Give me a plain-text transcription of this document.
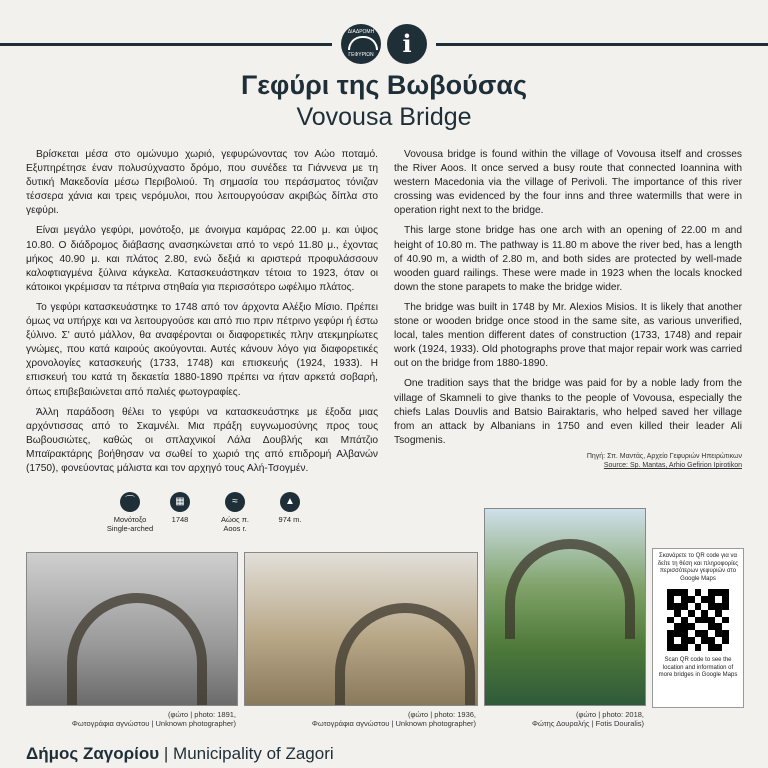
ΔΙΑΔΡΟΜΗ
ΓΕΦΥΡΙΩΝ	i
Γεφύρι της Βωβούσας
Vovousa Bridge

Βρίσκεται μέσα στο ομώνυμο χωριό, γεφυρώνοντας τον Αώο ποταμό. Εξυπηρέτησε έναν πολυσύχναστο δρόμο, που συνέδεε τα Γιάννενα με τη δυτική Μακεδονία μέσω Περιβολιού. Τη σημασία του περάσματος τόνιζαν τέσσερα χάνια και τρεις νερόμυλοι, που λειτουργούσαν ακριβώς δίπλα στο γεφύρι.

Είναι μεγάλο γεφύρι, μονότοξο, με άνοιγμα καμάρας 22.00 μ. και ύψος 10.80. Ο διάδρομος διάβασης ανασηκώνεται από το νερό 11.80 μ., έχοντας μήκος 40.90 μ. και πλάτος 2.80, ενώ δεξιά κι αριστερά προφυλάσσουν καλοφτιαγμένα ξύλινα κάγκελα. Κατασκευάστηκαν τέτοια το 1923, όταν οι κάτοικοι γκρέμισαν τα πέτρινα στηθαία για περισσότερο ωφέλιμο πλάτος.

Το γεφύρι κατασκευάστηκε το 1748 από τον άρχοντα Αλέξιο Μίσιο. Πρέπει όμως να υπήρχε και να λειτουργούσε και από πιο πριν πέτρινο γεφύρι ή έστω ξύλινο. Σ' αυτό μάλλον, θα αναφέρονται οι διαφορετικές πλην ατεκμηρίωτες γνώμες, που κατά καιρούς ακούγονται. Αυτές κάνουν λόγο για διαφορετικές χρονολογίες κατασκευής (1733, 1748) και επισκευής (1924, 1933). Η επισκευή του κατά τη δεκαετία 1880-1890 πρέπει να ήταν αρκετά σοβαρή, όπως επιβεβαιώνεται από παλιές φωτογραφίες.

Άλλη παράδοση θέλει το γεφύρι να κατασκευάστηκε με έξοδα μιας αρχόντισσας από το Σκαμνέλι. Μια πράξη ευγνωμοσύνης προς τους Βωβουσιώτες, καθώς οι σπλαχνικοί Λάλα Δουβλής και Μπάτζιο Μπαϊρακτάρης βοήθησαν να σωθεί το χωριό της από επιδρομή Αλβανών (1750), φονεύοντας μάλιστα και τον αρχηγό τους Αλή-Τσογμέν.

Vovousa bridge is found within the village of Vovousa itself and crosses the River Aoos. It once served a busy route that connected Ioannina with western Macedonia via the village of Perivoli. The importance of this river crossing was evidenced by the four inns and three watermills that were in operation right next to the bridge.

This large stone bridge has one arch with an opening of 22.00 m and height of 10.80 m. The pathway is 11.80 m above the river bed, has a length of 40.90 m, a width of 2.80 m, and both sides are protected by well-made wooden guard railings. These were made in 1923 when the locals knocked down the stone parapets to make the bridge wider.

The bridge was built in 1748 by Mr. Alexios Misios. It is likely that another stone or wooden bridge once stood in the same site, as various unverified, local, tales mention different dates of construction (1733, 1748) and repair work (1924, 1933). Old photographs prove that major repair work was carried out on the bridge from 1880-1890.

One tradition says that the bridge was paid for by a noble lady from the village of Skamneli to give thanks to the people of Vovousa, especially the chiefs Lalas Douvlis and Batsio Bairaktaris, who helped saved her village from an attack by Albanians in 1750 and even killed their leader Ali Tsogmenis.

Πηγή: Σπ. Μαντάς, Αρχείο Γεφυριών Ηπειρώτικων
Source: Sp. Mantas, Arhio Gefirion Ipirotikon
⌒
Μονότοξο
Single-arched
▦
1748
≈
Αώος π.
Aoos r.
▲
974 m.
(φώτο | photo: 1891,
Φωτογράφια αγνώστου | Unknown photographer)
(φώτο | photo: 1936,
Φωτογράφια αγνώστου | Unknown photographer)
(φώτο | photo: 2018,
Φώτης Δουραλής | Fotis Douralis)
Σκανάρετε το QR code για να δείτε τη θέση και πληροφορίες περισσότερων γεφυριών στο Google Maps
Scan QR code to see the location and information of more bridges in Google Maps
Δήμος Ζαγορίου | Municipality of Zagori
